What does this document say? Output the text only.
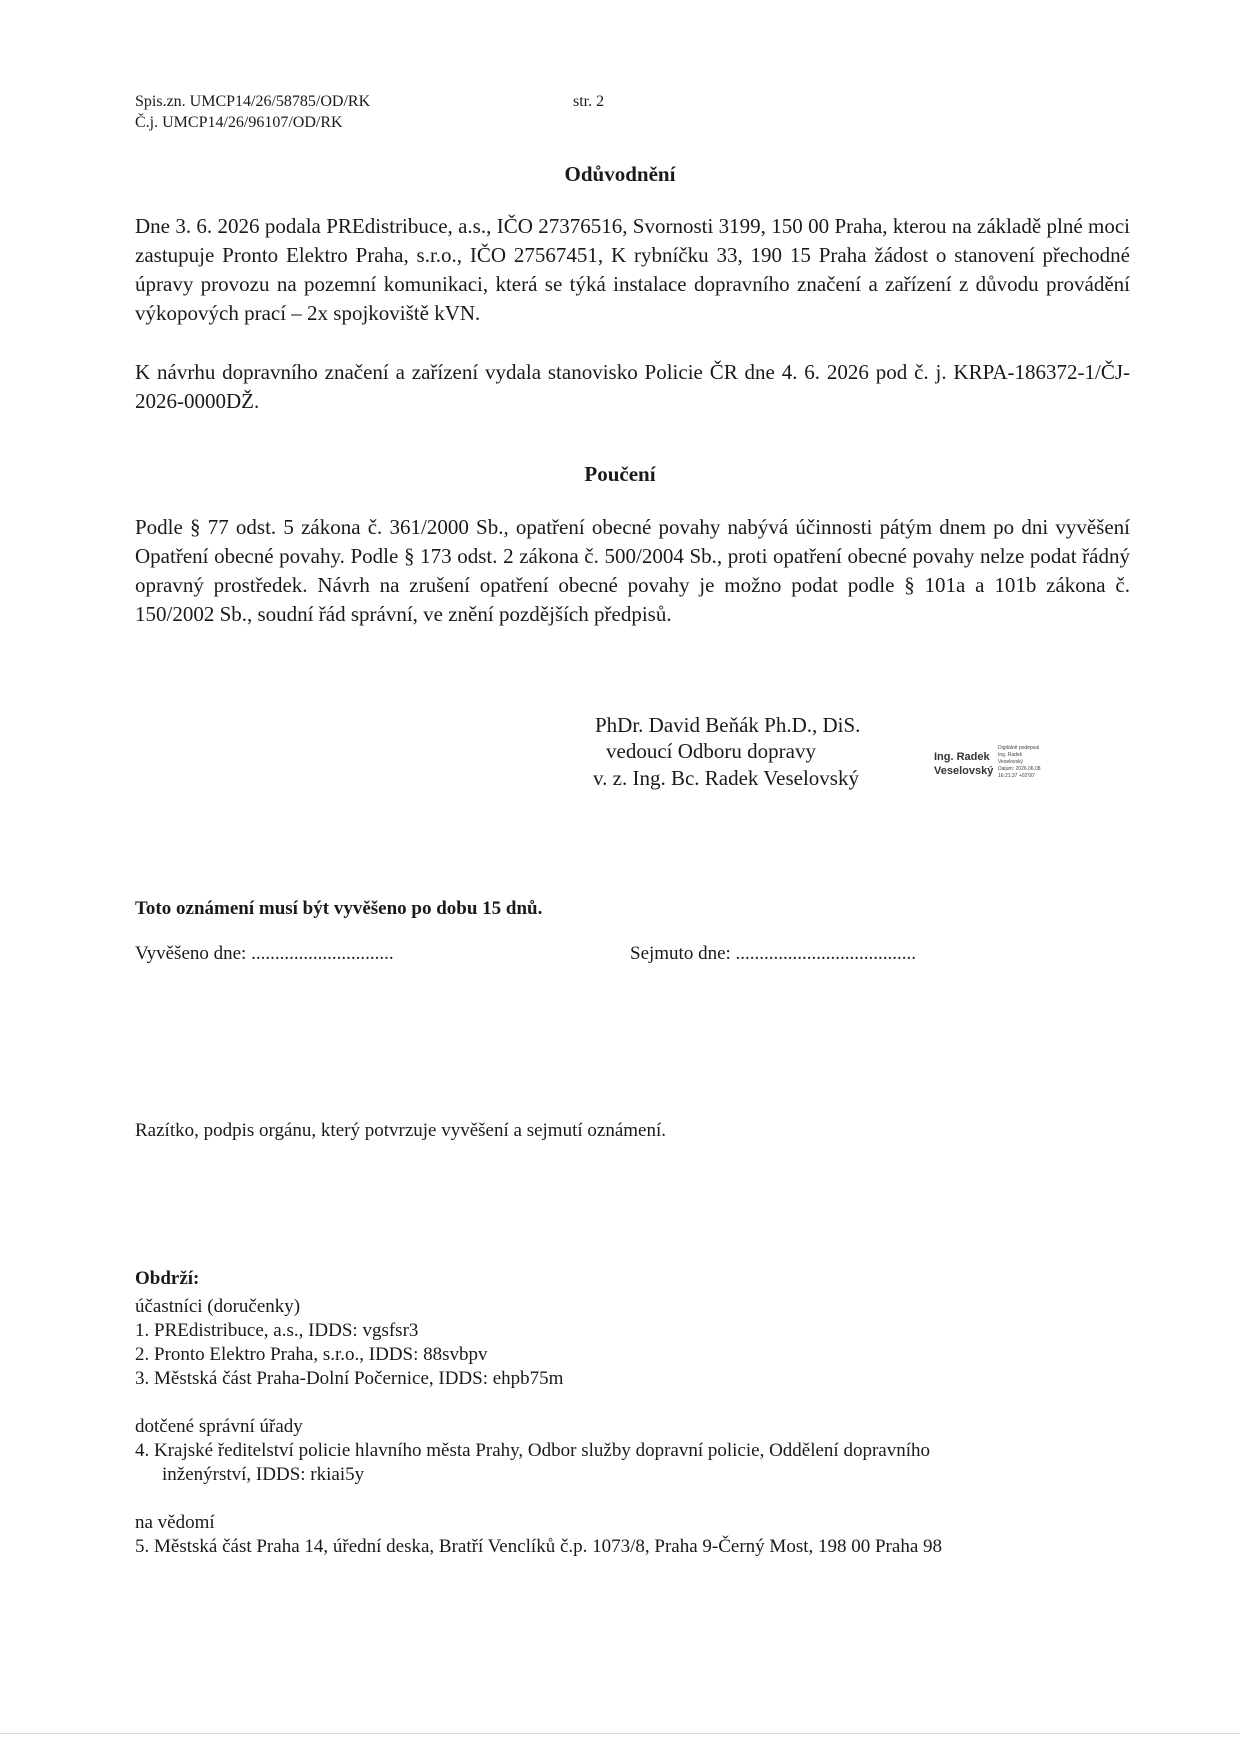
Spis.zn. UMCP14/26/58785/OD/RK
Č.j. UMCP14/26/96107/OD/RK
str. 2
Odůvodnění
Dne 3. 6. 2026 podala PREdistribuce, a.s., IČO 27376516, Svornosti 3199, 150 00 Praha, kterou na základě plné moci zastupuje Pronto Elektro Praha, s.r.o., IČO 27567451, K rybníčku 33, 190 15 Praha žádost o stanovení přechodné úpravy provozu na pozemní komunikaci, která se týká instalace dopravního značení a zařízení z důvodu provádění výkopových prací – 2x spojkoviště kVN.
K návrhu dopravního značení a zařízení vydala stanovisko Policie ČR dne 4. 6. 2026 pod č. j. KRPA-186372-1/ČJ-2026-0000DŽ.
Poučení
Podle § 77 odst. 5 zákona č. 361/2000 Sb., opatření obecné povahy nabývá účinnosti pátým dnem po dni vyvěšení Opatření obecné povahy. Podle § 173 odst. 2 zákona č. 500/2004 Sb., proti opatření obecné povahy nelze podat řádný opravný prostředek. Návrh na zrušení opatření obecné povahy je možno podat podle § 101a a 101b zákona č. 150/2002 Sb., soudní řád správní, ve znění pozdějších předpisů.
PhDr. David Beňák Ph.D., DiS.
vedoucí Odboru dopravy
v. z. Ing. Bc. Radek Veselovský
Ing. Radek
Veselovský
Digitálně podepsal
Ing. Radek
Veselovský
Datum: 2026.06.08
16:21:37 +02'00'
Toto oznámení musí být vyvěšeno po dobu 15 dnů.
Vyvěšeno dne: ..............................	Sejmuto dne: ......................................
Razítko, podpis orgánu, který potvrzuje vyvěšení a sejmutí oznámení.
Obdrží:
účastníci (doručenky)
1. PREdistribuce, a.s., IDDS: vgsfsr3
2. Pronto Elektro Praha, s.r.o., IDDS: 88svbpv
3. Městská část Praha-Dolní Počernice, IDDS: ehpb75m
dotčené správní úřady
4. Krajské ředitelství policie hlavního města Prahy, Odbor služby dopravní policie, Oddělení dopravního
inženýrství, IDDS: rkiai5y
na vědomí
5. Městská část Praha 14, úřední deska, Bratří Venclíků č.p. 1073/8, Praha 9-Černý Most, 198 00 Praha 98
